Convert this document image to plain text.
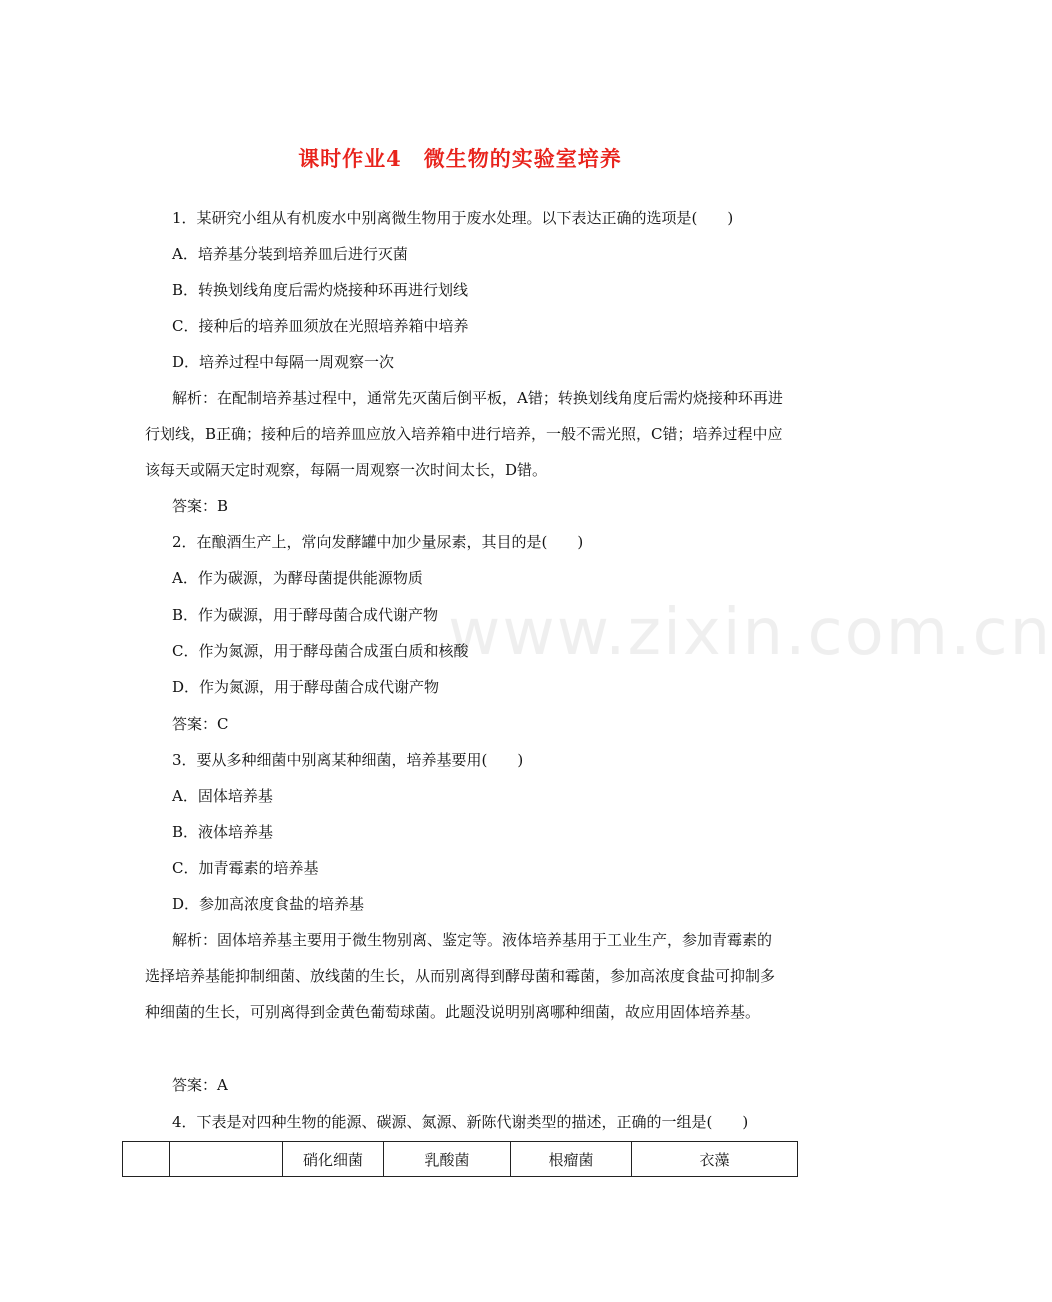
课时作业4　微生物的实验室培养
www.zixin.com.cn
1．某研究小组从有机废水中别离微生物用于废水处理。以下表达正确的选项是(　　)
A．培养基分装到培养皿后进行灭菌
B．转换划线角度后需灼烧接种环再进行划线
C．接种后的培养皿须放在光照培养箱中培养
D．培养过程中每隔一周观察一次
解析：在配制培养基过程中，通常先灭菌后倒平板，A错；转换划线角度后需灼烧接种环再进行划线，B正确；接种后的培养皿应放入培养箱中进行培养，一般不需光照，C错；培养过程中应该每天或隔天定时观察，每隔一周观察一次时间太长，D错。
答案：B
2．在酿酒生产上，常向发酵罐中加少量尿素，其目的是(　　)
A．作为碳源，为酵母菌提供能源物质
B．作为碳源，用于酵母菌合成代谢产物
C．作为氮源，用于酵母菌合成蛋白质和核酸
D．作为氮源，用于酵母菌合成代谢产物
答案：C
3．要从多种细菌中别离某种细菌，培养基要用(　　)
A．固体培养基
B．液体培养基
C．加青霉素的培养基
D．参加高浓度食盐的培养基
解析：固体培养基主要用于微生物别离、鉴定等。液体培养基用于工业生产，参加青霉素的选择培养基能抑制细菌、放线菌的生长，从而别离得到酵母菌和霉菌，参加高浓度食盐可抑制多种细菌的生长，可别离得到金黄色葡萄球菌。此题没说明别离哪种细菌，故应用固体培养基。
答案：A
4．下表是对四种生物的能源、碳源、氮源、新陈代谢类型的描述，正确的一组是(　　)
		硝化细菌	乳酸菌	根瘤菌	衣藻
